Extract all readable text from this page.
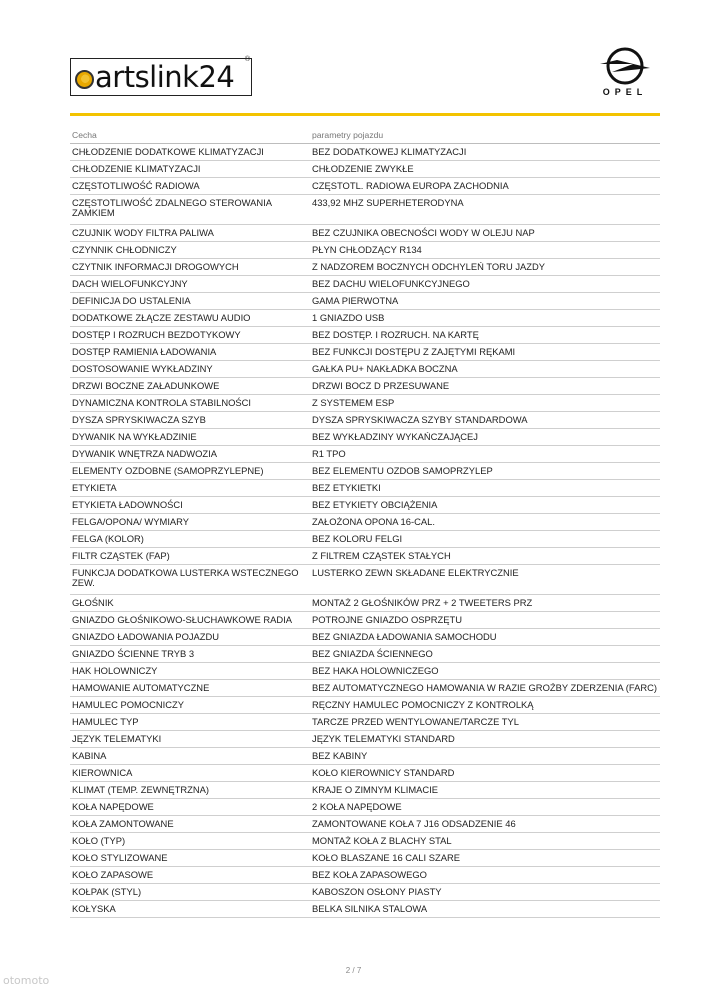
artslink24
®
OPEL
Cecha	parametry pojazdu
CHŁODZENIE DODATKOWE KLIMATYZACJI	BEZ DODATKOWEJ KLIMATYZACJI
CHŁODZENIE KLIMATYZACJI	CHŁODZENIE ZWYKŁE
CZĘSTOTLIWOŚĆ RADIOWA	CZĘSTOTL. RADIOWA EUROPA ZACHODNIA
CZĘSTOTLIWOŚĆ ZDALNEGO STEROWANIA ZAMKIEM	433,92 MHZ SUPERHETERODYNA
CZUJNIK WODY FILTRA PALIWA	BEZ CZUJNIKA OBECNOŚCI WODY W OLEJU NAP
CZYNNIK CHŁODNICZY	PŁYN CHŁODZĄCY R134
CZYTNIK INFORMACJI DROGOWYCH	Z NADZOREM BOCZNYCH ODCHYLEŃ TORU JAZDY
DACH WIELOFUNKCYJNY	BEZ DACHU WIELOFUNKCYJNEGO
DEFINICJA DO USTALENIA	GAMA PIERWOTNA
DODATKOWE ZŁĄCZE ZESTAWU AUDIO	1 GNIAZDO USB
DOSTĘP I ROZRUCH BEZDOTYKOWY	BEZ DOSTĘP. I ROZRUCH. NA KARTĘ
DOSTĘP RAMIENIA ŁADOWANIA	BEZ FUNKCJI DOSTĘPU Z ZAJĘTYMI RĘKAMI
DOSTOSOWANIE WYKŁADZINY	GAŁKA PU+ NAKŁADKA BOCZNA
DRZWI BOCZNE ZAŁADUNKOWE	DRZWI BOCZ D PRZESUWANE
DYNAMICZNA KONTROLA STABILNOŚCI	Z SYSTEMEM ESP
DYSZA SPRYSKIWACZA SZYB	DYSZA SPRYSKIWACZA SZYBY STANDARDOWA
DYWANIK NA WYKŁADZINIE	BEZ WYKŁADZINY WYKAŃCZAJĄCEJ
DYWANIK WNĘTRZA NADWOZIA	R1 TPO
ELEMENTY OZDOBNE (SAMOPRZYLEPNE)	BEZ ELEMENTU OZDOB SAMOPRZYLEP
ETYKIETA	BEZ ETYKIETKI
ETYKIETA ŁADOWNOŚCI	BEZ ETYKIETY OBCIĄŻENIA
FELGA/OPONA/ WYMIARY	ZAŁOŻONA OPONA 16-CAL.
FELGA (KOLOR)	BEZ KOLORU FELGI
FILTR CZĄSTEK (FAP)	Z FILTREM CZĄSTEK STAŁYCH
FUNKCJA DODATKOWA LUSTERKA WSTECZNEGO ZEW.	LUSTERKO ZEWN SKŁADANE ELEKTRYCZNIE
GŁOŚNIK	MONTAŻ 2 GŁOŚNIKÓW PRZ + 2 TWEETERS PRZ
GNIAZDO GŁOŚNIKOWO-SŁUCHAWKOWE RADIA	POTROJNE GNIAZDO OSPRZĘTU
GNIAZDO ŁADOWANIA POJAZDU	BEZ GNIAZDA ŁADOWANIA SAMOCHODU
GNIAZDO ŚCIENNE TRYB 3	BEZ GNIAZDA ŚCIENNEGO
HAK HOLOWNICZY	BEZ HAKA HOLOWNICZEGO
HAMOWANIE AUTOMATYCZNE	BEZ AUTOMATYCZNEGO HAMOWANIA W RAZIE GROŹBY ZDERZENIA (FARC)
HAMULEC POMOCNICZY	RĘCZNY HAMULEC POMOCNICZY Z KONTROLKĄ
HAMULEC TYP	TARCZE PRZED WENTYLOWANE/TARCZE TYL
JĘZYK TELEMATYKI	JĘZYK TELEMATYKI STANDARD
KABINA	BEZ KABINY
KIEROWNICA	KOŁO KIEROWNICY STANDARD
KLIMAT (TEMP. ZEWNĘTRZNA)	KRAJE O ZIMNYM KLIMACIE
KOŁA NAPĘDOWE	2 KOŁA NAPĘDOWE
KOŁA ZAMONTOWANE	ZAMONTOWANE KOŁA 7 J16 ODSADZENIE 46
KOŁO (TYP)	MONTAŻ KOŁA Z BLACHY STAL
KOŁO STYLIZOWANE	KOŁO BLASZANE 16 CALI SZARE
KOŁO ZAPASOWE	BEZ KOŁA ZAPASOWEGO
KOŁPAK (STYL)	KABOSZON OSŁONY PIASTY
KOŁYSKA	BELKA SILNIKA STALOWA
2 / 7
otomoto
